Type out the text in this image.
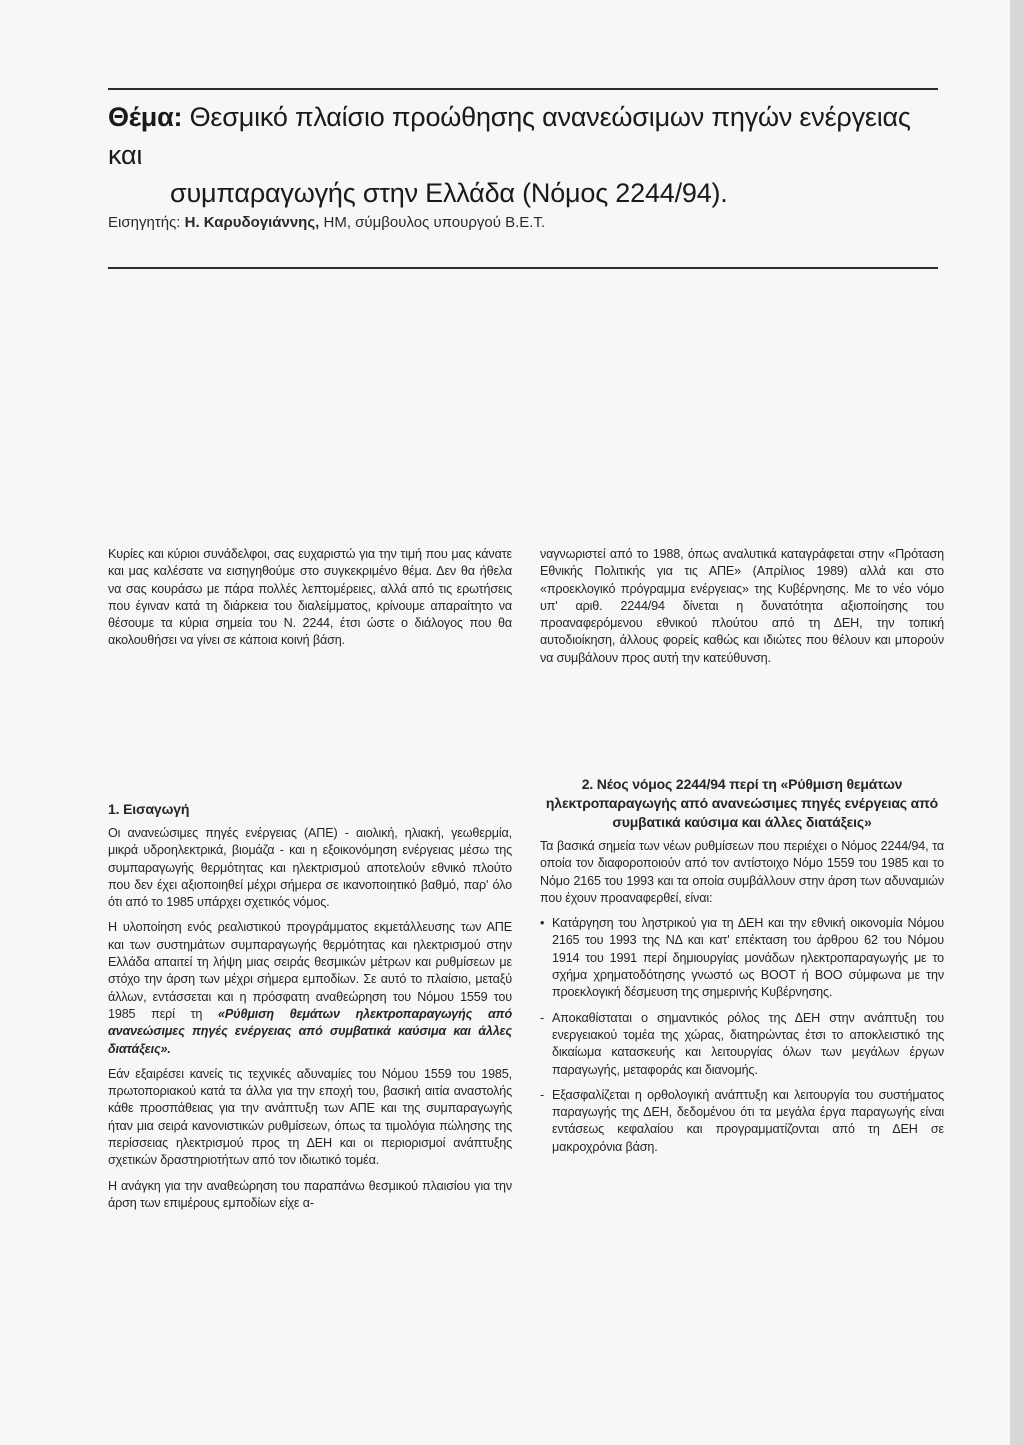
Θέμα: Θεσμικό πλαίσιο προώθησης ανανεώσιμων πηγών ενέργειας και
συμπαραγωγής στην Ελλάδα (Νόμος 2244/94).
Εισηγητής: Η. Καρυδογιάννης, ΗΜ, σύμβουλος υπουργού Β.Ε.Τ.

Κυρίες και κύριοι συνάδελφοι, σας ευχαριστώ για την τιμή που μας κάνατε και μας καλέσατε να εισηγηθούμε στο συγκεκριμένο θέμα. Δεν θα ήθελα να σας κουράσω με πάρα πολλές λεπτομέρειες, αλλά από τις ερωτήσεις που έγιναν κατά τη διάρκεια του διαλείμματος, κρίνουμε απαραίτητο να θέσουμε τα κύρια σημεία του Ν. 2244, έτσι ώστε ο διάλογος που θα ακολουθήσει να γίνει σε κάποια κοινή βάση.

ναγνωριστεί από το 1988, όπως αναλυτικά καταγράφεται στην «Πρόταση Εθνικής Πολιτικής για τις ΑΠΕ» (Απρίλιος 1989) αλλά και στο «προεκλογικό πρόγραμμα ενέργειας» της Κυβέρνησης. Με το νέο νόμο υπ' αριθ. 2244/94 δίνεται η δυνατότητα αξιοποίησης του προαναφερόμενου εθνικού πλούτου από τη ΔΕΗ, την τοπική αυτοδιοίκηση, άλλους φορείς καθώς και ιδιώτες που θέλουν και μπορούν να συμβάλουν προς αυτή την κατεύθυνση.

1. Εισαγωγή

Οι ανανεώσιμες πηγές ενέργειας (ΑΠΕ) - αιολική, ηλιακή, γεωθερμία, μικρά υδροηλεκτρικά, βιομάζα - και η εξοικονόμηση ενέργειας μέσω της συμπαραγωγής θερμότητας και ηλεκτρισμού αποτελούν εθνικό πλούτο που δεν έχει αξιοποιηθεί μέχρι σήμερα σε ικανοποιητικό βαθμό, παρ' όλο ότι από το 1985 υπάρχει σχετικός νόμος.

Η υλοποίηση ενός ρεαλιστικού προγράμματος εκμετάλλευσης των ΑΠΕ και των συστημάτων συμπαραγωγής θερμότητας και ηλεκτρισμού στην Ελλάδα απαιτεί τη λήψη μιας σειράς θεσμικών μέτρων και ρυθμίσεων με στόχο την άρση των μέχρι σήμερα εμποδίων. Σε αυτό το πλαίσιο, μεταξύ άλλων, εντάσσεται και η πρόσφατη αναθεώρηση του Νόμου 1559 του 1985 περί τη «Ρύθμιση θεμάτων ηλεκτροπαραγωγής από ανανεώσιμες πηγές ενέργειας από συμβατικά καύσιμα και άλλες διατάξεις».

Εάν εξαιρέσει κανείς τις τεχνικές αδυναμίες του Νόμου 1559 του 1985, πρωτοποριακού κατά τα άλλα για την εποχή του, βασική αιτία αναστολής κάθε προσπάθειας για την ανάπτυξη των ΑΠΕ και της συμπαραγωγής ήταν μια σειρά κανονιστικών ρυθμίσεων, όπως τα τιμολόγια πώλησης της περίσσειας ηλεκτρισμού προς τη ΔΕΗ και οι περιορισμοί ανάπτυξης σχετικών δραστηριοτήτων από τον ιδιωτικό τομέα.

Η ανάγκη για την αναθεώρηση του παραπάνω θεσμικού πλαισίου για την άρση των επιμέρους εμποδίων είχε α-

2. Νέος νόμος 2244/94 περί τη «Ρύθμιση θεμάτων ηλεκτροπαραγωγής από ανανεώσιμες πηγές ενέργειας από συμβατικά καύσιμα και άλλες διατάξεις»

Τα βασικά σημεία των νέων ρυθμίσεων που περιέχει ο Νόμος 2244/94, τα οποία τον διαφοροποιούν από τον αντίστοιχο Νόμο 1559 του 1985 και το Νόμο 2165 του 1993 και τα οποία συμβάλλουν στην άρση των αδυναμιών που έχουν προαναφερθεί, είναι:

• Κατάργηση του ληστρικού για τη ΔΕΗ και την εθνική οικονομία Νόμου 2165 του 1993 της ΝΔ και κατ' επέκταση του άρθρου 62 του Νόμου 1914 του 1991 περί δημιουργίας μονάδων ηλεκτροπαραγωγής με το σχήμα χρηματοδότησης γνωστό ως BOOT ή BOO σύμφωνα με την προεκλογική δέσμευση της σημερινής Κυβέρνησης.
- Αποκαθίσταται ο σημαντικός ρόλος της ΔΕΗ στην ανάπτυξη του ενεργειακού τομέα της χώρας, διατηρώντας έτσι το αποκλειστικό της δικαίωμα κατασκευής και λειτουργίας όλων των μεγάλων έργων παραγωγής, μεταφοράς και διανομής.
- Εξασφαλίζεται η ορθολογική ανάπτυξη και λειτουργία του συστήματος παραγωγής της ΔΕΗ, δεδομένου ότι τα μεγάλα έργα παραγωγής είναι εντάσεως κεφαλαίου και προγραμματίζονται από τη ΔΕΗ σε μακροχρόνια βάση.
